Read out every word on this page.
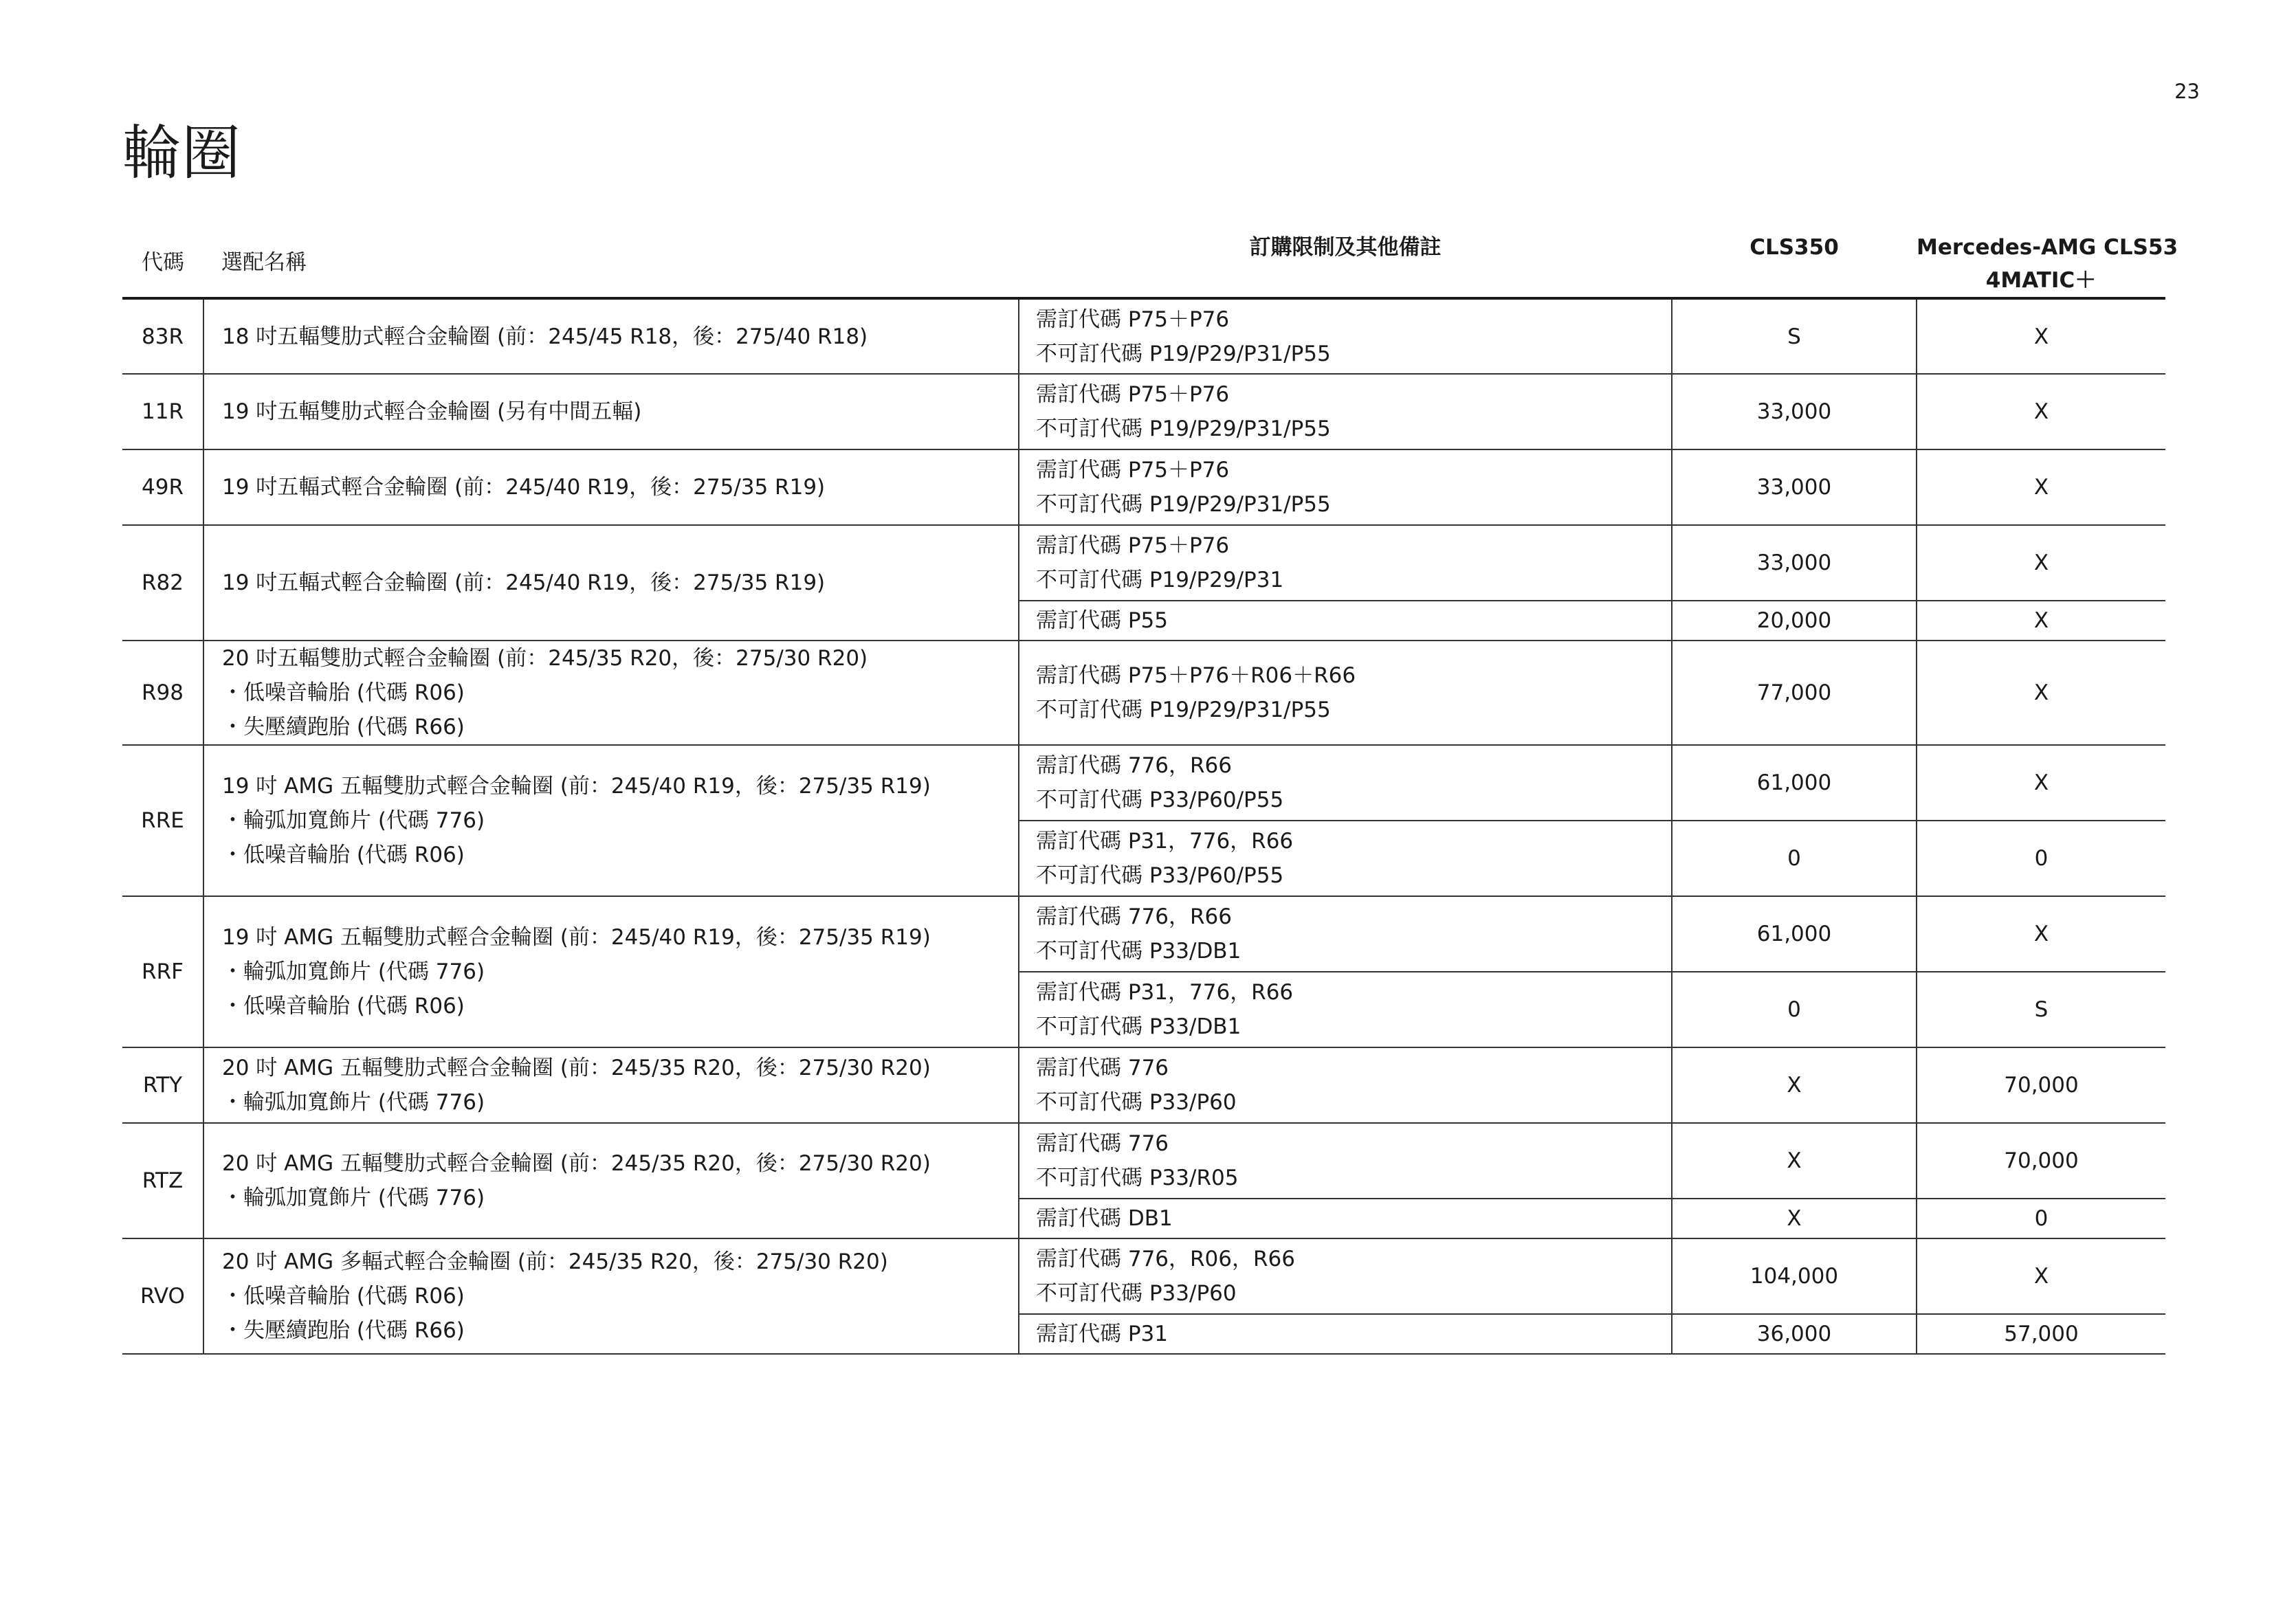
23
輪圈
代碼	選配名稱	訂購限制及其他備註	CLS350	Mercedes-AMG CLS53
4MATIC＋

83R	18 吋五輻雙肋式輕合金輪圈 (前：245/45 R18，後：275/40 R18)	需訂代碼 P75＋P76
不可訂代碼 P19/P29/P31/P55	S	X
11R	19 吋五輻雙肋式輕合金輪圈 (另有中間五輻)	需訂代碼 P75＋P76
不可訂代碼 P19/P29/P31/P55	33,000	X
49R	19 吋五輻式輕合金輪圈 (前：245/40 R19，後：275/35 R19)	需訂代碼 P75＋P76
不可訂代碼 P19/P29/P31/P55	33,000	X
R82	19 吋五輻式輕合金輪圈 (前：245/40 R19，後：275/35 R19)	需訂代碼 P75＋P76
不可訂代碼 P19/P29/P31	33,000	X

		需訂代碼 P55	20,000	X
R98	20 吋五輻雙肋式輕合金輪圈 (前：245/35 R20，後：275/30 R20)
・低噪音輪胎 (代碼 R06)
・失壓續跑胎 (代碼 R66)	需訂代碼 P75＋P76＋R06＋R66
不可訂代碼 P19/P29/P31/P55	77,000	X
RRE	19 吋 AMG 五輻雙肋式輕合金輪圈 (前：245/40 R19，後：275/35 R19)
・輪弧加寬飾片 (代碼 776)
・低噪音輪胎 (代碼 R06)	需訂代碼 776，R66
不可訂代碼 P33/P60/P55	61,000	X

		需訂代碼 P31，776，R66
不可訂代碼 P33/P60/P55	0	0
RRF	19 吋 AMG 五輻雙肋式輕合金輪圈 (前：245/40 R19，後：275/35 R19)
・輪弧加寬飾片 (代碼 776)
・低噪音輪胎 (代碼 R06)	需訂代碼 776，R66
不可訂代碼 P33/DB1	61,000	X

		需訂代碼 P31，776，R66
不可訂代碼 P33/DB1	0	S
RTY	20 吋 AMG 五輻雙肋式輕合金輪圈 (前：245/35 R20，後：275/30 R20)
・輪弧加寬飾片 (代碼 776)	需訂代碼 776
不可訂代碼 P33/P60	X	70,000
RTZ	20 吋 AMG 五輻雙肋式輕合金輪圈 (前：245/35 R20，後：275/30 R20)
・輪弧加寬飾片 (代碼 776)	需訂代碼 776
不可訂代碼 P33/R05	X	70,000

		需訂代碼 DB1	X	0
RVO	20 吋 AMG 多輻式輕合金輪圈 (前：245/35 R20，後：275/30 R20)
・低噪音輪胎 (代碼 R06)
・失壓續跑胎 (代碼 R66)	需訂代碼 776，R06，R66
不可訂代碼 P33/P60	104,000	X

		需訂代碼 P31	36,000	57,000
